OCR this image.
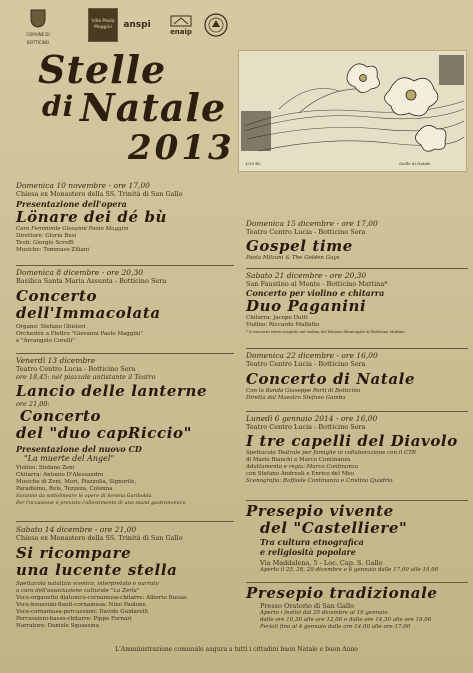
COMUNE DI BOTTICINO
Villa Paola Maggini	anspi
enaip
Stelle
di Natale
2013	1/20 BL	Stelle di Natale
Domenica 10 novembre - ore 17,00
Chiesa ex Monastero della SS. Trinità di San Gallo
Presentazione dell'opera
Lönare dei dé bù
Coro Femminile Giovanni Paolo Maggini
Direttore: Gloria Busi
Testi: Giorgio Scroffi
Musiche: Tommaso Ziliani
Domenica 8 dicembre - ore 20,30
Basilica Santa Maria Assunta - Botticino Sera
Concerto
dell'Immacolata
Organo: Stefano Ghisleri
Orchestra a Plettro "Giovanni Paolo Maggini"
e "Arcangelo Corelli"
Venerdì 13 dicembre
Teatro Centro Lucia - Botticino Sera
ore 18,45: nel piazzale antistante il Teatro
Lancio delle lanterne
ore 21,00:
Concerto
del "duo capRiccio"
Presentazione del nuovo CD
"La muerte del Angel"
Violino: Stefano Zeni
Chitarra: Antonio D'Alessandro
Musiche di Zeni, Mori, Piazzolla, Signorile,
Paradisino, Reis, Tezzeza, Colonna
Saranno da sottolineare le opere di Serena Garibalda
Per l'occasione è previsto l'allestimento di uno stand gastronomico
Sabato 14 dicembre - ore 21,00
Chiesa ex Monastero della SS. Trinità di San Gallo
Si ricompare
una lucente stella
Spettacolo natalizio scenico, interpretato e narrato
a cura dell'associazione culturale "La Zerla"
Voce-organetto diatonico-cornamusa-chitarre: Alberto Busias
Voce-bouzouki-flauti-cornamusa: Nino Paolone
Voce-cornamusa-percussioni: Davide Guidarelli
Percussioni-basso-chitarre: Pippo Fornari
Narratore: Daniele Squassina
Domenica 15 dicembre - ore 17,00
Teatro Centro Lucia - Botticino Sera
Gospel time
Paola Milzani & The Golden Guys
Sabato 21 dicembre - ore 20,30
San Faustino al Monte - Botticino Mattina*
Concerto per violino e chitarra
Duo Paganini
Chitarra: Jacopo Dutti
Violino: Riccardo Malfatto
* il concerto verrà eseguito sul violino del Palazzo Municipale di Botticino Mattina
Domenica 22 dicembre - ore 16,00
Teatro Centro Lucia - Botticino Sera
Concerto di Natale
Con la Banda Giuseppe Porti di Botticino
Diretta dal Maestro Stefano Gamba
Lunedì 6 gennaio 2014 - ore 16,00
Teatro Centro Lucia - Botticino Sera
I tre capelli del Diavolo
Spettacolo Teatrale per famiglie in collaborazione con il CTB
di Mario Bianchi e Marco Continanza
Adattamento e regia: Marco Continanza
con Stefano Andreoli e Enrico del Meo
Scenografia: Raffaele Continanza e Cristina Quadrio
Presepio vivente
del "Castelliere"
Tra cultura etnografica
e religiosità popolare
Via Maddalena, 5 - Loc. Cap. S. Gallo
Aperto il 25, 26, 29 dicembre e 6 gennaio dalle 17,00 alle 19,00
Presepio tradizionale
Presso Oratorio di San Gallo
Aperto i festivi dal 25 dicembre al 19 gennaio
dalle ore 10,30 alle ore 12,00 e dalle ore 14,30 alle ore 19,00
Feriali fino al 4 gennaio dalle ore 14,00 alle ore 17,00
L'Amministrazione comunale augura a tutti i cittadini buon Natale e buon Anno
